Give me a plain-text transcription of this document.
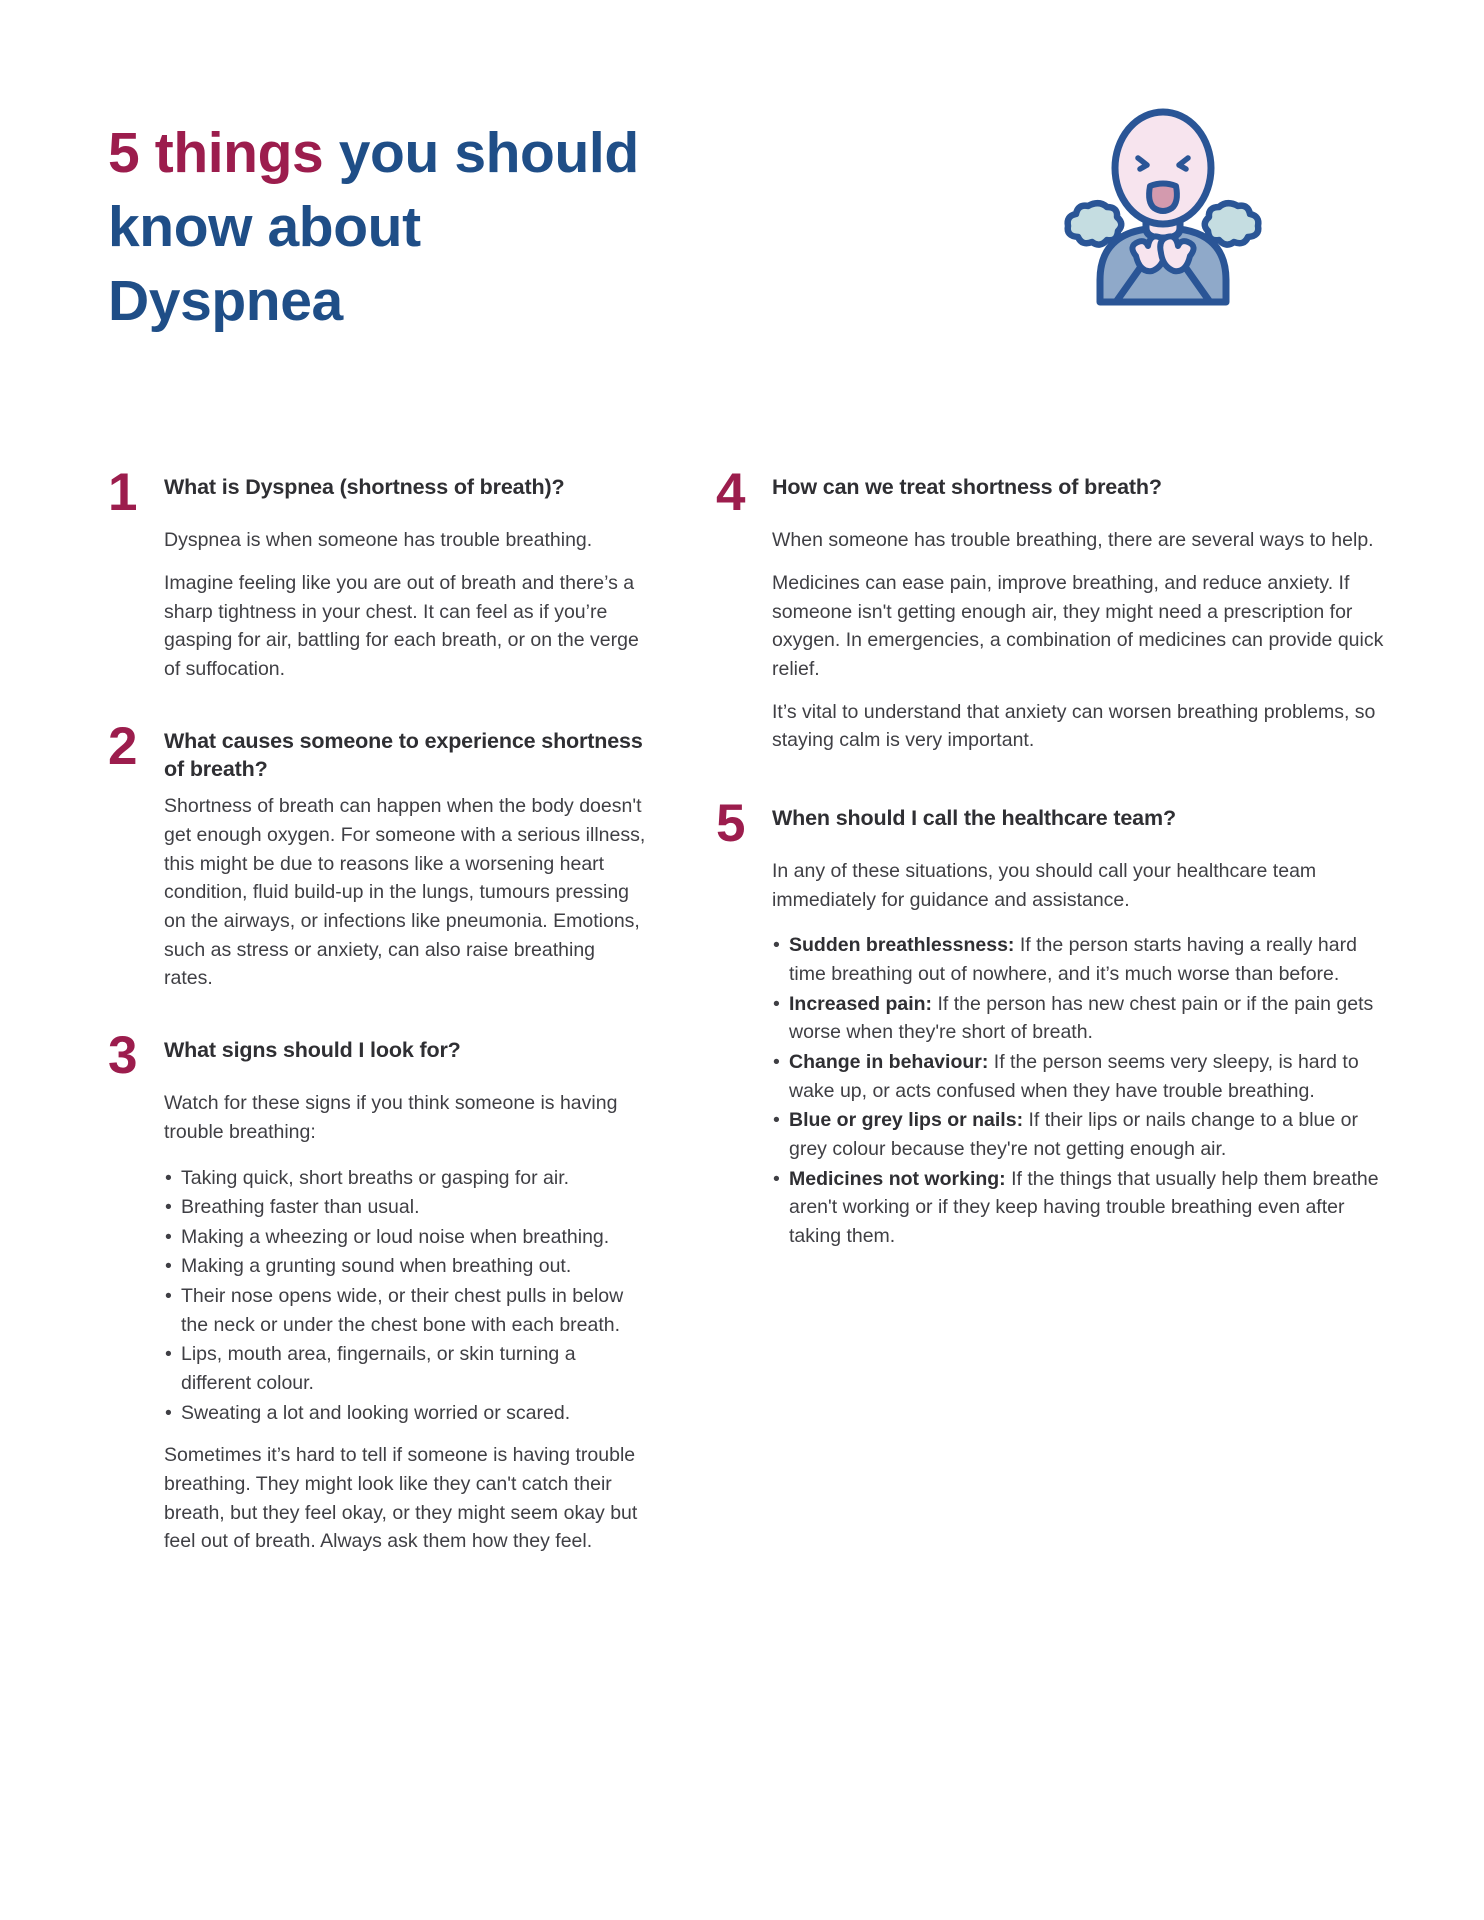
5 things you should
know about
Dyspnea
1	What is Dyspnea (shortness of breath)?

Dyspnea is when someone has trouble breathing.

Imagine feeling like you are out of breath and there’s a sharp tightness in your chest. It can feel as if you’re gasping for air, battling for each breath, or on the verge of suffocation.

2	What causes someone to experience shortness of breath?

Shortness of breath can happen when the body doesn't get enough oxygen. For someone with a serious illness, this might be due to reasons like a worsening heart condition, fluid build-up in the lungs, tumours pressing on the airways, or infections like pneumonia. Emotions, such as stress or anxiety, can also raise breathing rates.

3	What signs should I look for?

Watch for these signs if you think someone is having trouble breathing:

• Taking quick, short breaths or gasping for air.
• Breathing faster than usual.
• Making a wheezing or loud noise when breathing.
• Making a grunting sound when breathing out.
• Their nose opens wide, or their chest pulls in below the neck or under the chest bone with each breath.
• Lips, mouth area, fingernails, or skin turning a different colour.
• Sweating a lot and looking worried or scared.

Sometimes it’s hard to tell if someone is having trouble breathing. They might look like they can't catch their breath, but they feel okay, or they might seem okay but feel out of breath. Always ask them how they feel.

4	How can we treat shortness of breath?

When someone has trouble breathing, there are several ways to help.

Medicines can ease pain, improve breathing, and reduce anxiety. If someone isn't getting enough air, they might need a prescription for oxygen. In emergencies, a combination of medicines can provide quick relief.

It’s vital to understand that anxiety can worsen breathing problems, so staying calm is very important.

5	When should I call the healthcare team?

In any of these situations, you should call your healthcare team immediately for guidance and assistance.

• Sudden breathlessness: If the person starts having a really hard time breathing out of nowhere, and it’s much worse than before.
• Increased pain: If the person has new chest pain or if the pain gets worse when they're short of breath.
• Change in behaviour: If the person seems very sleepy, is hard to wake up, or acts confused when they have trouble breathing.
• Blue or grey lips or nails: If their lips or nails change to a blue or grey colour because they're not getting enough air.
• Medicines not working: If the things that usually help them breathe aren't working or if they keep having trouble breathing even after taking them.
